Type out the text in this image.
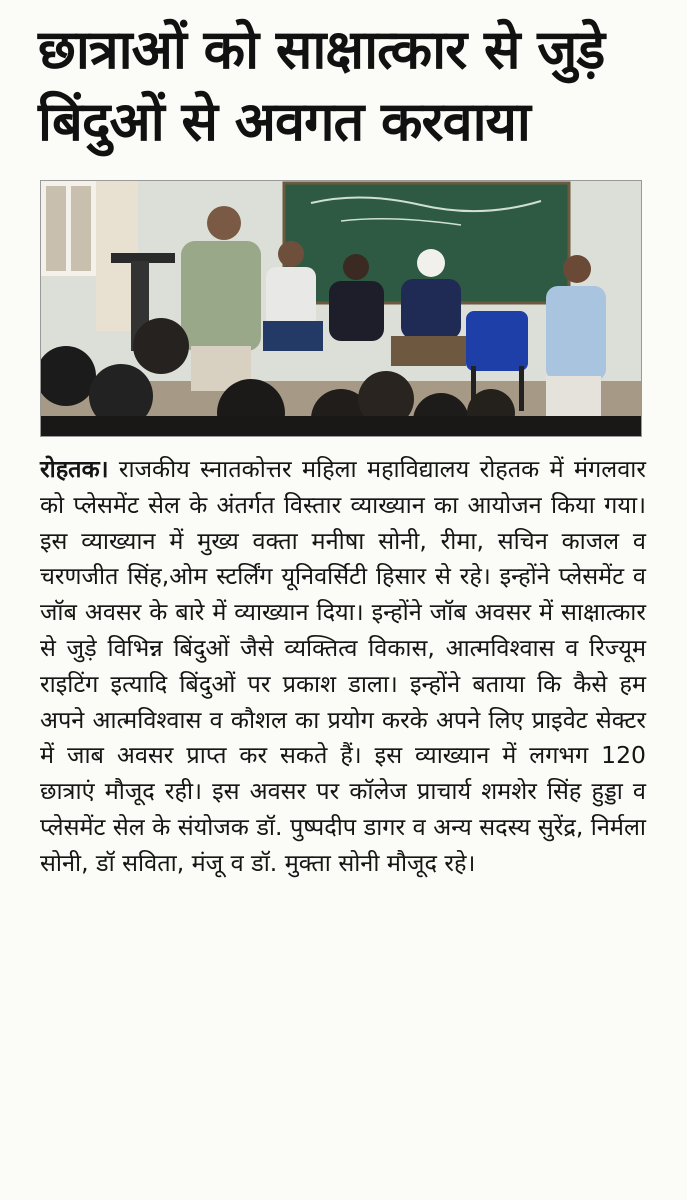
छात्राओं को साक्षात्कार से जुड़े
बिंदुओं से अवगत करवाया

रोहतक। राजकीय स्नातकोत्तर महिला महाविद्यालय रोहतक में मंगलवार को प्लेसमेंट सेल के अंतर्गत विस्तार व्याख्यान का आयोजन किया गया। इस व्याख्यान में मुख्य वक्ता मनीषा सोनी, रीमा, सचिन काजल व चरणजीत सिंह,ओम स्टर्लिंग यूनिवर्सिटी हिसार से रहे। इन्होंने प्लेसमेंट व जॉब अवसर के बारे में व्याख्यान दिया। इन्होंने जॉब अवसर में साक्षात्कार से जुड़े विभिन्न बिंदुओं जैसे व्यक्तित्व विकास, आत्मविश्वास व रिज्यूम राइटिंग इत्यादि बिंदुओं पर प्रकाश डाला। इन्होंने बताया कि कैसे हम अपने आत्मविश्वास व कौशल का प्रयोग करके अपने लिए प्राइवेट सेक्टर में जाब अवसर प्राप्त कर सकते हैं। इस व्याख्यान में लगभग 120 छात्राएं मौजूद रही। इस अवसर पर कॉलेज प्राचार्य शमशेर सिंह हुड्डा व प्लेसमेंट सेल के संयोजक डॉ. पुष्पदीप डागर व अन्य सदस्य सुरेंद्र, निर्मला सोनी, डॉ सविता, मंजू व डॉ. मुक्ता सोनी मौजूद रहे।
